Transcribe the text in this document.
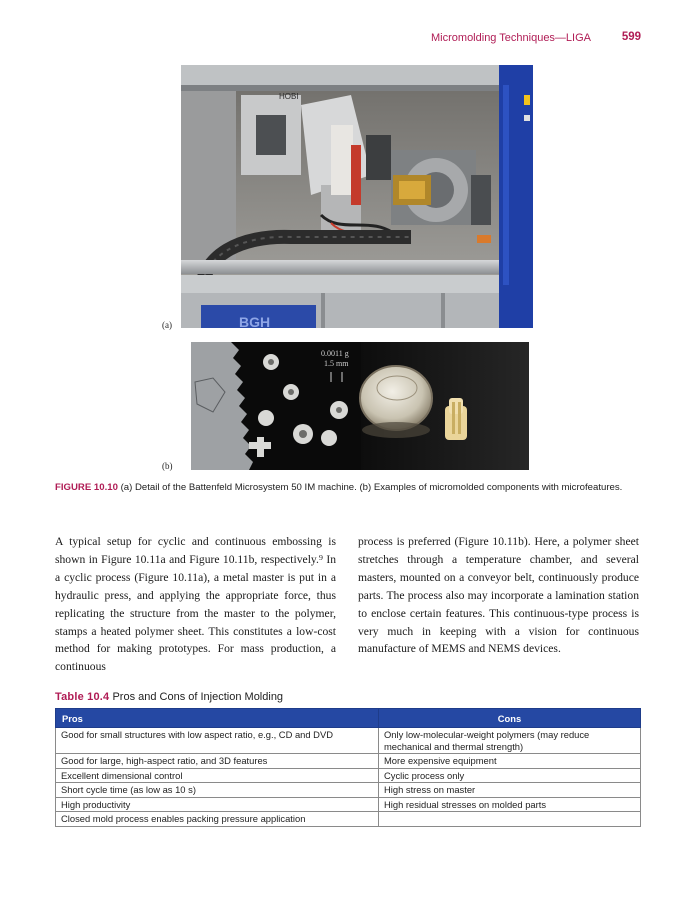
Micromolding Techniques—LIGA	599
BGH
HOBI
(a)
0.0011 g
1.5 mm
(b)
FIGURE 10.10 (a) Detail of the Battenfeld Microsystem 50 IM machine. (b) Examples of micromolded components with microfeatures.

A typical setup for cyclic and continuous embossing is shown in Figure 10.11a and Figure 10.11b, respectively.⁹ In a cyclic process (Figure 10.11a), a metal master is put in a hydraulic press, and applying the appropriate force, thus replicating the structure from the master to the polymer, stamps a heated polymer sheet. This constitutes a low-cost method for making prototypes. For mass production, a continuous

process is preferred (Figure 10.11b). Here, a polymer sheet stretches through a temperature chamber, and several masters, mounted on a conveyor belt, continuously produce parts. The process also may incorporate a lamination station to enclose certain features. This continuous-type process is very much in keeping with a vision for continuous manufacture of MEMS and NEMS devices.

Table 10.4 Pros and Cons of Injection Molding
Pros	Cons
Good for small structures with low aspect ratio, e.g., CD and DVD	Only low-molecular-weight polymers (may reduce mechanical and thermal strength)
Good for large, high-aspect ratio, and 3D features	More expensive equipment
Excellent dimensional control	Cyclic process only
Short cycle time (as low as 10 s)	High stress on master
High productivity	High residual stresses on molded parts
Closed mold process enables packing pressure application	
